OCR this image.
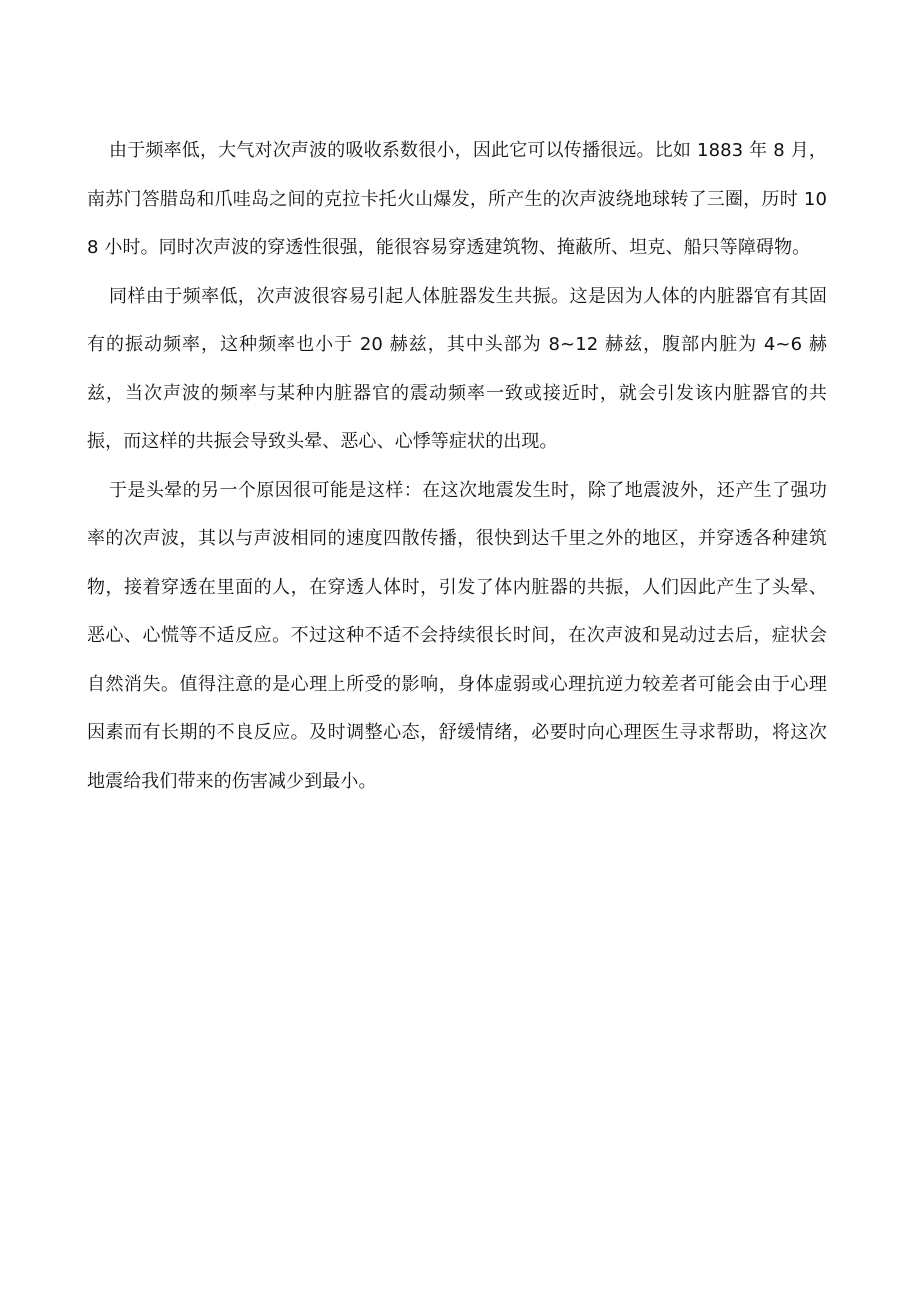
由于频率低，大气对次声波的吸收系数很小，因此它可以传播很远。比如 1883 年 8 月，南苏门答腊岛和爪哇岛之间的克拉卡托火山爆发，所产生的次声波绕地球转了三圈，历时 108 小时。同时次声波的穿透性很强，能很容易穿透建筑物、掩蔽所、坦克、船只等障碍物。

同样由于频率低，次声波很容易引起人体脏器发生共振。这是因为人体的内脏器官有其固有的振动频率，这种频率也小于 20 赫兹，其中头部为 8~12 赫兹，腹部内脏为 4~6 赫兹，当次声波的频率与某种内脏器官的震动频率一致或接近时，就会引发该内脏器官的共振，而这样的共振会导致头晕、恶心、心悸等症状的出现。

于是头晕的另一个原因很可能是这样：在这次地震发生时，除了地震波外，还产生了强功率的次声波，其以与声波相同的速度四散传播，很快到达千里之外的地区，并穿透各种建筑物，接着穿透在里面的人，在穿透人体时，引发了体内脏器的共振，人们因此产生了头晕、恶心、心慌等不适反应。不过这种不适不会持续很长时间，在次声波和晃动过去后，症状会自然消失。值得注意的是心理上所受的影响，身体虚弱或心理抗逆力较差者可能会由于心理因素而有长期的不良反应。及时调整心态，舒缓情绪，必要时向心理医生寻求帮助，将这次地震给我们带来的伤害减少到最小。
